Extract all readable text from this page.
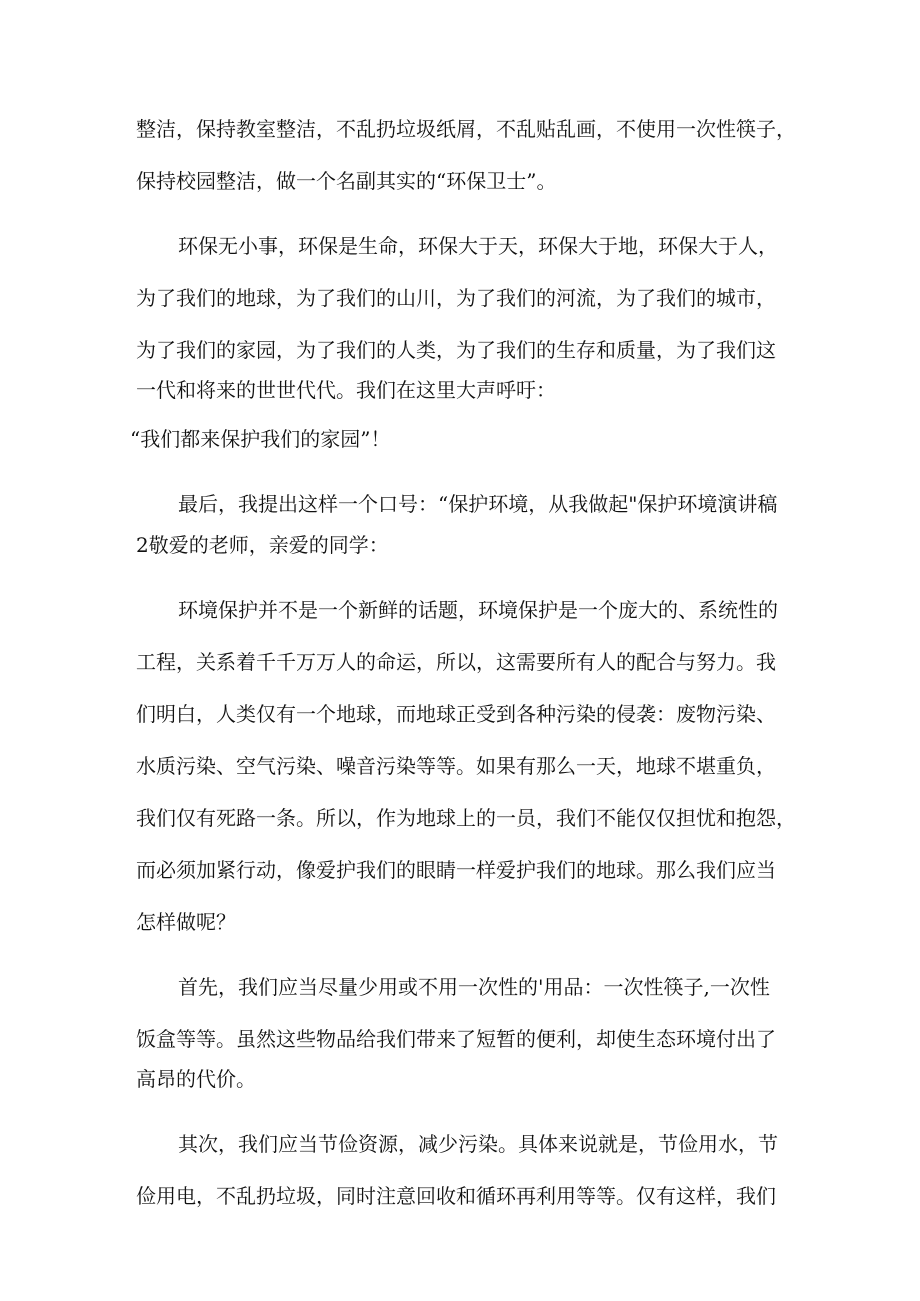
整洁，保持教室整洁，不乱扔垃圾纸屑，不乱贴乱画，不使用一次性筷子，
保持校园整洁，做一个名副其实的“环保卫士”。
环保无小事，环保是生命，环保大于天，环保大于地，环保大于人，
为了我们的地球，为了我们的山川，为了我们的河流，为了我们的城市，
为了我们的家园，为了我们的人类，为了我们的生存和质量，为了我们这
一代和将来的世世代代。我们在这里大声呼吁：
“我们都来保护我们的家园”！
最后，我提出这样一个口号：“保护环境，从我做起"保护环境演讲稿
2敬爱的老师，亲爱的同学：
环境保护并不是一个新鲜的话题，环境保护是一个庞大的、系统性的
工程，关系着千千万万人的命运，所以，这需要所有人的配合与努力。我
们明白，人类仅有一个地球，而地球正受到各种污染的侵袭：废物污染、
水质污染、空气污染、噪音污染等等。如果有那么一天，地球不堪重负，
我们仅有死路一条。所以，作为地球上的一员，我们不能仅仅担忧和抱怨，
而必须加紧行动，像爱护我们的眼睛一样爱护我们的地球。那么我们应当
怎样做呢？
首先，我们应当尽量少用或不用一次性的'用品：一次性筷子,一次性
饭盒等等。虽然这些物品给我们带来了短暂的便利，却使生态环境付出了
高昂的代价。
其次，我们应当节俭资源，减少污染。具体来说就是，节俭用水，节
俭用电，不乱扔垃圾，同时注意回收和循环再利用等等。仅有这样，我们
